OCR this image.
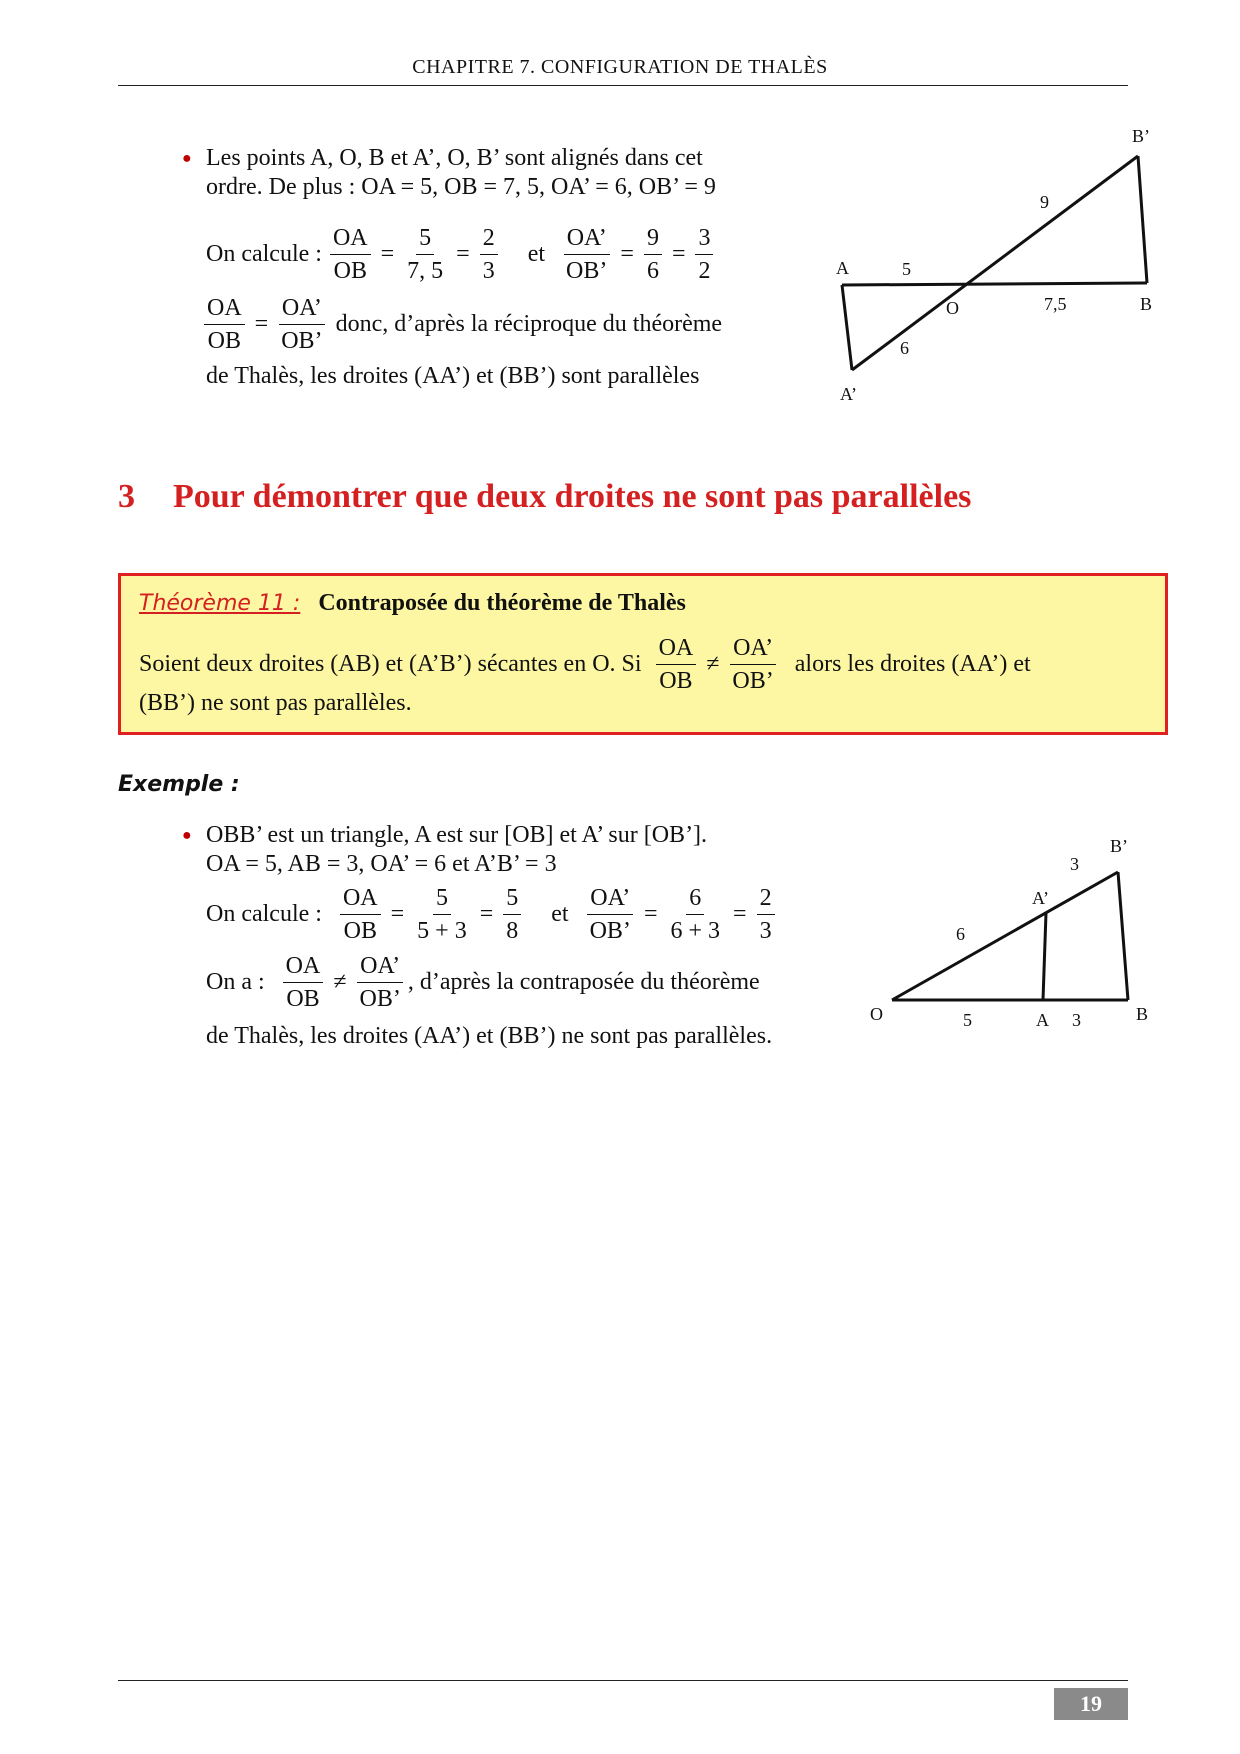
CHAPITRE 7. CONFIGURATION DE THALÈS
● Les points A, O, B et A’, O, B’ sont alignés dans cet
ordre. De plus : OA = 5, OB = 7, 5, OA’ = 6, OB’ = 9
On calcule : $\frac{OA}{OB} = \frac{5}{7, 5} = \frac{2}{3}$ et $\frac{OA’}{OB’} = \frac{9}{6} = \frac{3}{2}$
$\frac{OA}{OB} = \frac{OA’}{OB’}$ donc, d’après la réciproque du théorème
de Thalès, les droites (AA’) et (BB’) sont parallèles
A
O	B
A’
B’
5
7,5
6
9
3 Pour démontrer que deux droites ne sont pas parallèles
Théorème 11 : Contraposée du théorème de Thalès
Soient deux droites (AB) et (A’B’) sécantes en O. Si $\frac{OA}{OB} \ne \frac{OA’}{OB’}$ alors les droites (AA’) et
(BB’) ne sont pas parallèles.
Exemple :
● OBB’ est un triangle, A est sur [OB] et A’ sur [OB’].
OA = 5, AB = 3, OA’ = 6 et A’B’ = 3
On calcule : $\frac{OA}{OB} = \frac{5}{5 + 3} = \frac{5}{8}$ et $\frac{OA’}{OB’} = \frac{6}{6 + 3} = \frac{2}{3}$
On a : $\frac{OA}{OB} \ne \frac{OA’}{OB’}$ , d’après la contraposée du théorème
de Thalès, les droites (AA’) et (BB’) ne sont pas parallèles.
O	A	B
A’
B’
5	3
6
3
19
